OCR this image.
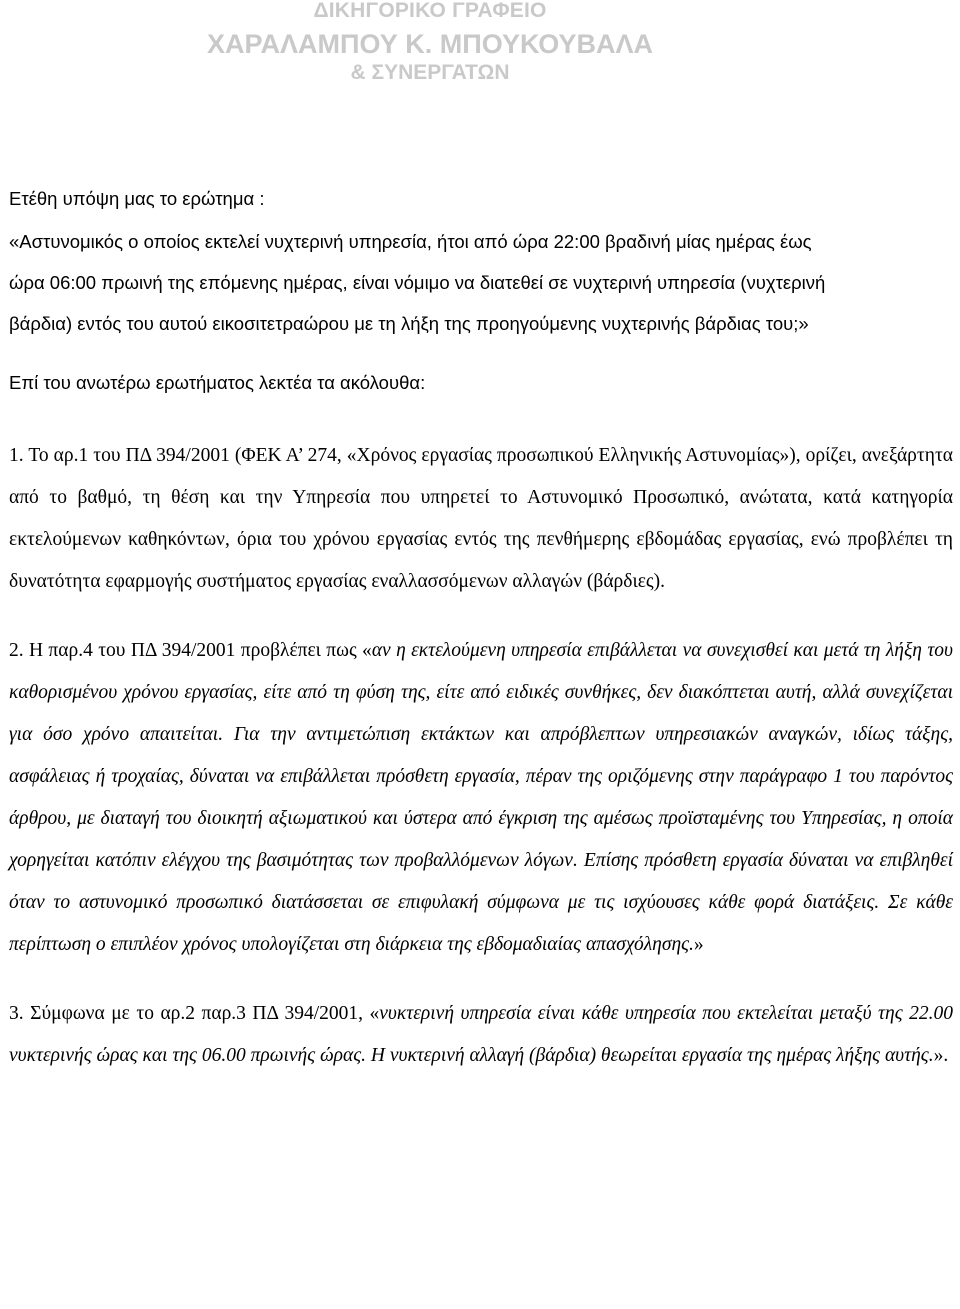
ΔΙΚΗΓΟΡΙΚΟ ΓΡΑΦΕΙΟ
ΧΑΡΑΛΑΜΠΟΥ Κ. ΜΠΟΥΚΟΥΒΑΛΑ
& ΣΥΝΕΡΓΑΤΩΝ
Ετέθη υπόψη μας το ερώτημα :
«Αστυνομικός ο οποίος εκτελεί νυχτερινή υπηρεσία, ήτοι από ώρα 22:00 βραδινή μίας ημέρας έως
ώρα 06:00 πρωινή της επόμενης ημέρας, είναι νόμιμο να διατεθεί σε νυχτερινή υπηρεσία (νυχτερινή
βάρδια) εντός του αυτού εικοσιτετραώρου με τη λήξη της προηγούμενης νυχτερινής βάρδιας του;»
Επί του ανωτέρω ερωτήματος λεκτέα τα ακόλουθα:

1. Το αρ.1 του ΠΔ 394/2001 (ΦΕΚ Α’ 274, «Χρόνος εργασίας προσωπικού Ελληνικής Αστυνομίας»), ορίζει, ανεξάρτητα από το βαθμό, τη θέση και την Υπηρεσία που υπηρετεί το Αστυνομικό Προσωπικό, ανώτατα, κατά κατηγορία εκτελούμενων καθηκόντων, όρια του χρόνου εργασίας εντός της πενθήμερης εβδομάδας εργασίας, ενώ προβλέπει τη δυνατότητα εφαρμογής συστήματος εργασίας εναλλασσόμενων αλλαγών (βάρδιες).

2. Η παρ.4 του ΠΔ 394/2001 προβλέπει πως «αν η εκτελούμενη υπηρεσία επιβάλλεται να συνεχισθεί και μετά τη λήξη του καθορισμένου χρόνου εργασίας, είτε από τη φύση της, είτε από ειδικές συνθήκες, δεν διακόπτεται αυτή, αλλά συνεχίζεται για όσο χρόνο απαιτείται. Για την αντιμετώπιση εκτάκτων και απρόβλεπτων υπηρεσιακών αναγκών, ιδίως τάξης, ασφάλειας ή τροχαίας, δύναται να επιβάλλεται πρόσθετη εργασία, πέραν της οριζόμενης στην παράγραφο 1 του παρόντος άρθρου, με διαταγή του διοικητή αξιωματικού και ύστερα από έγκριση της αμέσως προϊσταμένης του Υπηρεσίας, η οποία χορηγείται κατόπιν ελέγχου της βασιμότητας των προβαλλόμενων λόγων. Επίσης πρόσθετη εργασία δύναται να επιβληθεί όταν το αστυνομικό προσωπικό διατάσσεται σε επιφυλακή σύμφωνα με τις ισχύουσες κάθε φορά διατάξεις. Σε κάθε περίπτωση ο επιπλέον χρόνος υπολογίζεται στη διάρκεια της εβδομαδιαίας απασχόλησης.»

3. Σύμφωνα με το αρ.2 παρ.3 ΠΔ 394/2001, «νυκτερινή υπηρεσία είναι κάθε υπηρεσία που εκτελείται μεταξύ της 22.00 νυκτερινής ώρας και της 06.00 πρωινής ώρας. Η νυκτερινή αλλαγή (βάρδια) θεωρείται εργασία της ημέρας λήξης αυτής.».
